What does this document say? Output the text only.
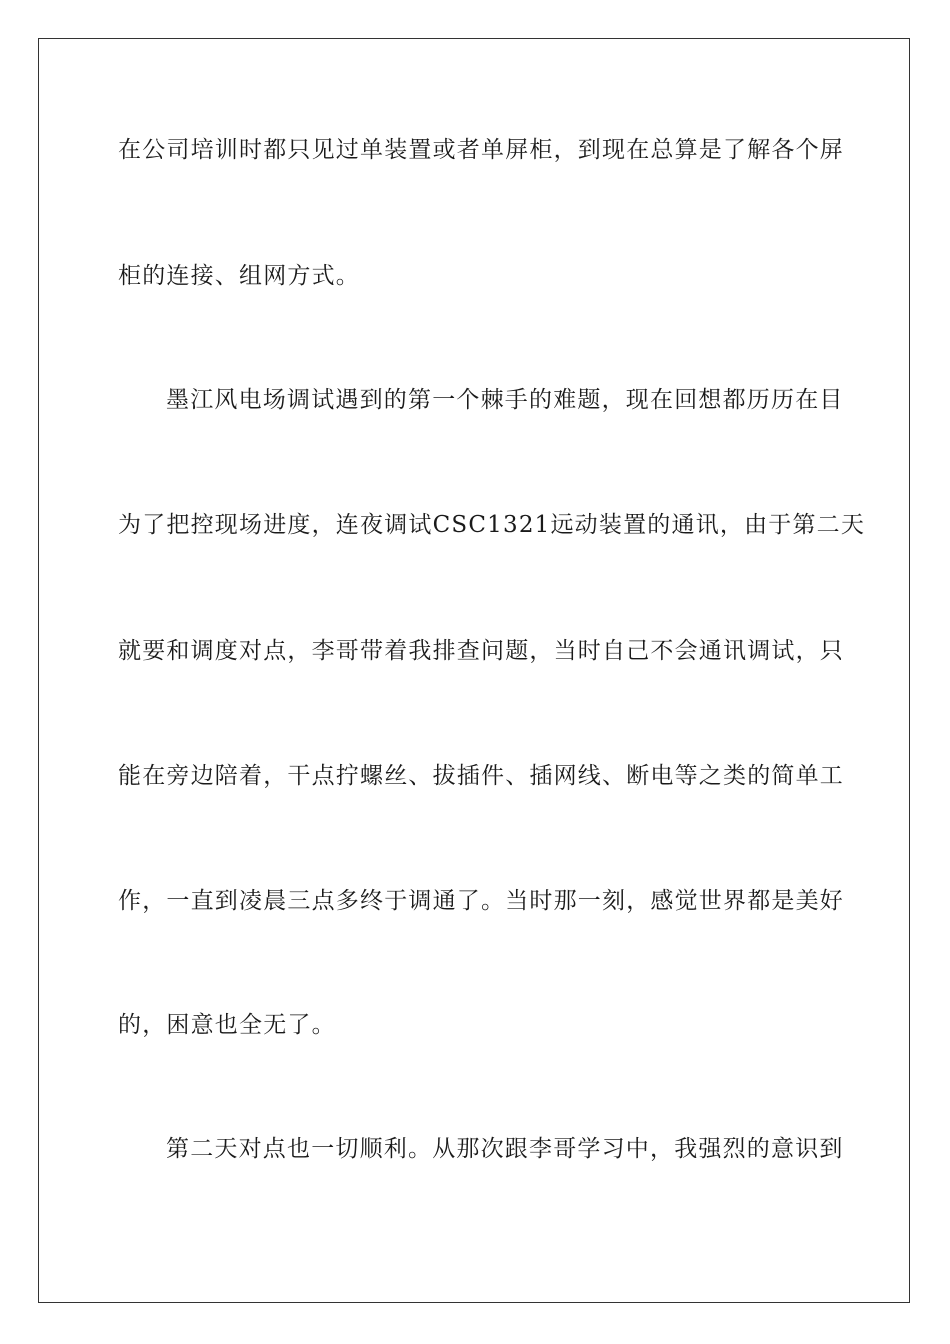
在公司培训时都只见过单装置或者单屏柜，到现在总算是了解各个屏
柜的连接、组网方式。
墨江风电场调试遇到的第一个棘手的难题，现在回想都历历在目
为了把控现场进度，连夜调试CSC1321远动装置的通讯，由于第二天
就要和调度对点，李哥带着我排查问题，当时自己不会通讯调试，只
能在旁边陪着，干点拧螺丝、拔插件、插网线、断电等之类的简单工
作，一直到凌晨三点多终于调通了。当时那一刻，感觉世界都是美好
的，困意也全无了。
第二天对点也一切顺利。从那次跟李哥学习中，我强烈的意识到
